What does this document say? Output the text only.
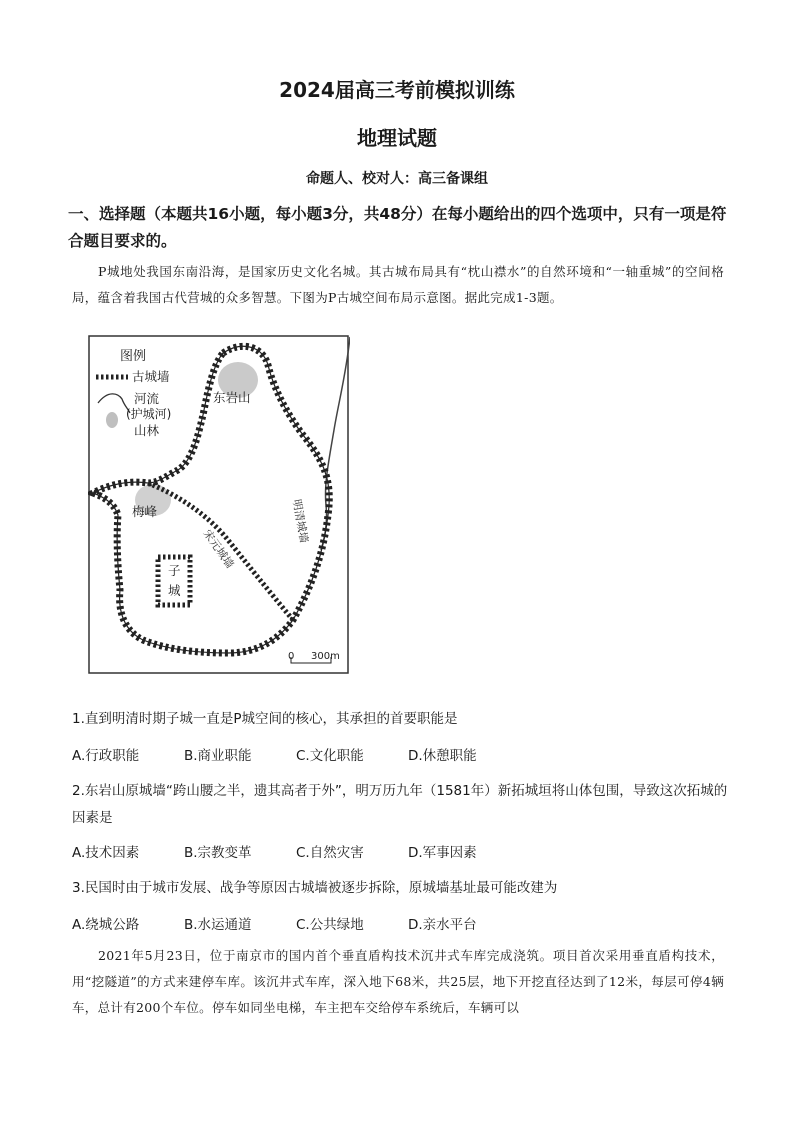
2024届高三考前模拟训练
地理试题
命题人、校对人：高三备课组
一、选择题（本题共16小题，每小题3分，共48分）在每小题给出的四个选项中，只有一项是符合题目要求的。
P城地处我国东南沿海，是国家历史文化名城。其古城布局具有“枕山襟水”的自然环境和“一轴重城”的空间格局，蕴含着我国古代营城的众多智慧。下图为P古城空间布局示意图。据此完成1-3题。
图例
古城墙
河流
(护城河)
山林
东岩山
梅峰
子
城
宋元城墙
明清城墙
0 300m
1.直到明清时期子城一直是P城空间的核心，其承担的首要职能是
A.行政职能	B.商业职能	C.文化职能	D.休憩职能
2.东岩山原城墙“跨山腰之半，遗其高者于外”，明万历九年（1581年）新拓城垣将山体包围，导致这次拓城的因素是
A.技术因素	B.宗教变革	C.自然灾害	D.军事因素
3.民国时由于城市发展、战争等原因古城墙被逐步拆除，原城墙基址最可能改建为
A.绕城公路	B.水运通道	C.公共绿地	D.亲水平台
2021年5月23日，位于南京市的国内首个垂直盾构技术沉井式车库完成浇筑。项目首次采用垂直盾构技术，用“挖隧道”的方式来建停车库。该沉井式车库，深入地下68米，共25层，地下开挖直径达到了12米，每层可停4辆车，总计有200个车位。停车如同坐电梯，车主把车交给停车系统后，车辆可以
